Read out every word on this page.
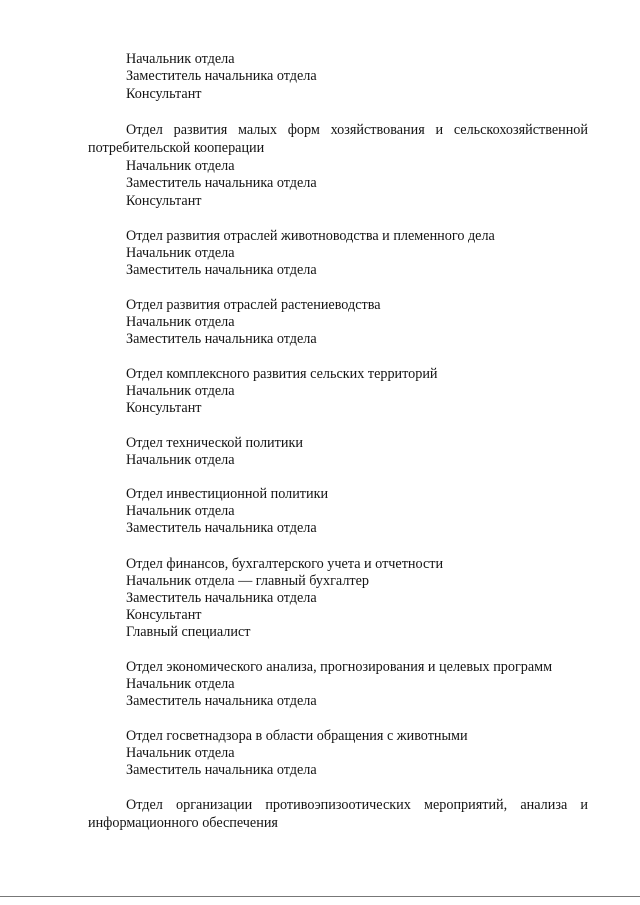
Начальник отдела
Заместитель начальника отдела
Консультант
Отдел развития малых форм хозяйствования и сельскохозяйственной потребительской кооперации
Начальник отдела
Заместитель начальника отдела
Консультант
Отдел развития отраслей животноводства и племенного дела
Начальник отдела
Заместитель начальника отдела
Отдел развития отраслей растениеводства
Начальник отдела
Заместитель начальника отдела
Отдел комплексного развития сельских территорий
Начальник отдела
Консультант
Отдел технической политики
Начальник отдела
Отдел инвестиционной политики
Начальник отдела
Заместитель начальника отдела
Отдел финансов, бухгалтерского учета и отчетности
Начальник отдела — главный бухгалтер
Заместитель начальника отдела
Консультант
Главный специалист
Отдел экономического анализа, прогнозирования и целевых программ
Начальник отдела
Заместитель начальника отдела
Отдел госветнадзора в области обращения с животными
Начальник отдела
Заместитель начальника отдела
Отдел организации противоэпизоотических мероприятий, анализа и информационного обеспечения
